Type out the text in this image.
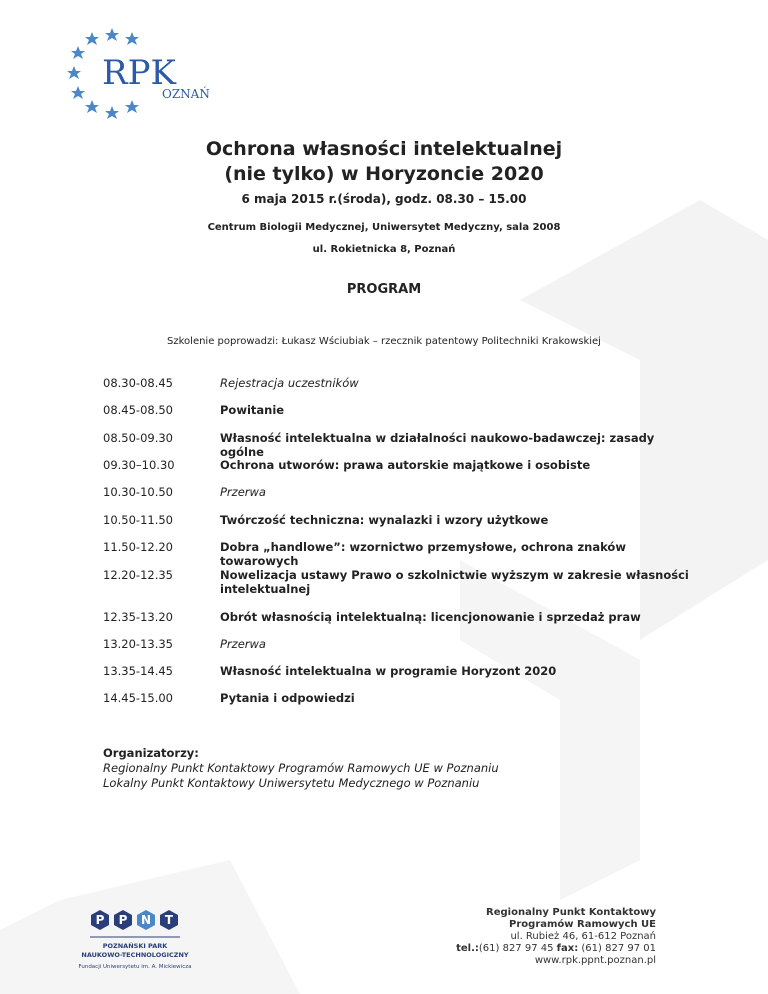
RPK
OZNAŃ
Ochrona własności intelektualnej
(nie tylko) w Horyzoncie 2020
6 maja 2015 r.(środa), godz. 08.30 – 15.00
Centrum Biologii Medycznej, Uniwersytet Medyczny, sala 2008
ul. Rokietnicka 8, Poznań
PROGRAM
Szkolenie poprowadzi: Łukasz Wściubiak – rzecznik patentowy Politechniki Krakowskiej
08.30-08.45	Rejestracja uczestników
08.45-08.50	Powitanie
08.50-09.30	Własność intelektualna w działalności naukowo-badawczej: zasady ogólne
09.30–10.30	Ochrona utworów: prawa autorskie majątkowe i osobiste
10.30-10.50	Przerwa
10.50-11.50	Twórczość techniczna: wynalazki i wzory użytkowe
11.50-12.20	Dobra „handlowe”: wzornictwo przemysłowe, ochrona znaków towarowych
12.20-12.35	Nowelizacja ustawy Prawo o szkolnictwie wyższym w zakresie własności intelektualnej
12.35-13.20	Obrót własnością intelektualną: licencjonowanie i sprzedaż praw
13.20-13.35	Przerwa
13.35-14.45	Własność intelektualna w programie Horyzont 2020
14.45-15.00	Pytania i odpowiedzi
Organizatorzy:
Regionalny Punkt Kontaktowy Programów Ramowych UE w Poznaniu
Lokalny Punkt Kontaktowy Uniwersytetu Medycznego w Poznaniu
P P N T
POZNAŃSKI PARK
NAUKOWO-TECHNOLOGICZNY
Fundacji Uniwersytetu im. A. Mickiewicza
Regionalny Punkt Kontaktowy
Programów Ramowych UE
ul. Rubież 46, 61-612 Poznań
tel.:(61) 827 97 45 fax: (61) 827 97 01
www.rpk.ppnt.poznan.pl
